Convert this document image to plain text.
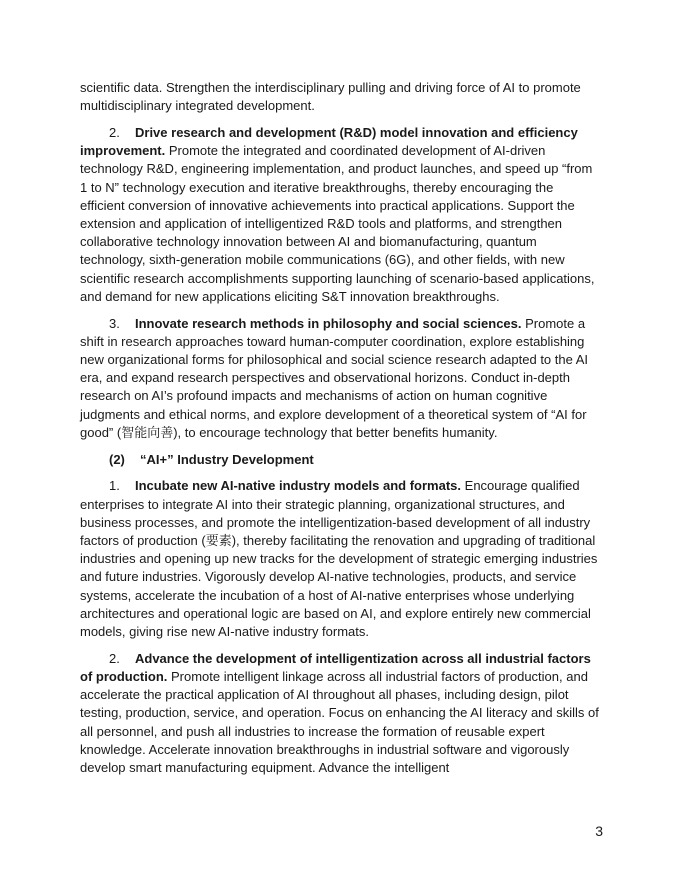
scientific data. Strengthen the interdisciplinary pulling and driving force of AI to promote multidisciplinary integrated development.

2. Drive research and development (R&D) model innovation and efficiency improvement. Promote the integrated and coordinated development of AI-driven technology R&D, engineering implementation, and product launches, and speed up “from 1 to N” technology execution and iterative breakthroughs, thereby encouraging the efficient conversion of innovative achievements into practical applications. Support the extension and application of intelligentized R&D tools and platforms, and strengthen collaborative technology innovation between AI and biomanufacturing, quantum technology, sixth-generation mobile communications (6G), and other fields, with new scientific research accomplishments supporting launching of scenario-based applications, and demand for new applications eliciting S&T innovation breakthroughs.

3. Innovate research methods in philosophy and social sciences. Promote a shift in research approaches toward human-computer coordination, explore establishing new organizational forms for philosophical and social science research adapted to the AI era, and expand research perspectives and observational horizons. Conduct in-depth research on AI’s profound impacts and mechanisms of action on human cognitive judgments and ethical norms, and explore development of a theoretical system of “AI for good” (智能向善), to encourage technology that better benefits humanity.

(2) “AI+” Industry Development

1. Incubate new AI-native industry models and formats. Encourage qualified enterprises to integrate AI into their strategic planning, organizational structures, and business processes, and promote the intelligentization-based development of all industry factors of production (要素), thereby facilitating the renovation and upgrading of traditional industries and opening up new tracks for the development of strategic emerging industries and future industries. Vigorously develop AI-native technologies, products, and service systems, accelerate the incubation of a host of AI-native enterprises whose underlying architectures and operational logic are based on AI, and explore entirely new commercial models, giving rise new AI-native industry formats.

2. Advance the development of intelligentization across all industrial factors of production. Promote intelligent linkage across all industrial factors of production, and accelerate the practical application of AI throughout all phases, including design, pilot testing, production, service, and operation. Focus on enhancing the AI literacy and skills of all personnel, and push all industries to increase the formation of reusable expert knowledge. Accelerate innovation breakthroughs in industrial software and vigorously develop smart manufacturing equipment. Advance the intelligent

3
